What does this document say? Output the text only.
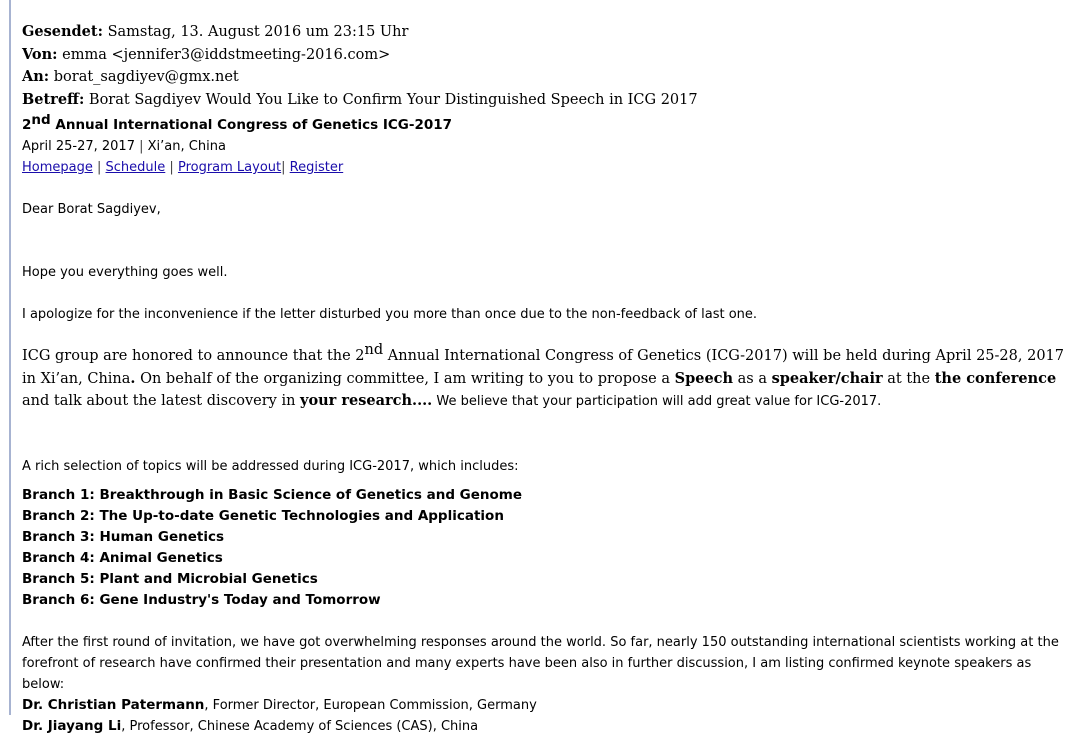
Gesendet: Samstag, 13. August 2016 um 23:15 Uhr
Von: emma <jennifer3@iddstmeeting-2016.com>
An: borat_sagdiyev@gmx.net
Betreff: Borat Sagdiyev Would You Like to Confirm Your Distinguished Speech in ICG 2017
2nd Annual International Congress of Genetics ICG-2017
April 25-27, 2017 | Xi’an, China
Homepage | Schedule | Program Layout| Register
Dear Borat Sagdiyev,
Hope you everything goes well.
I apologize for the inconvenience if the letter disturbed you more than once due to the non-feedback of last one.
ICG group are honored to announce that the 2nd Annual International Congress of Genetics (ICG-2017) will be held during April 25-28, 2017 in Xi’an, China. On behalf of the organizing committee, I am writing to you to propose a Speech as a speaker/chair at the the conference and talk about the latest discovery in your research.... We believe that your participation will add great value for ICG-2017.
A rich selection of topics will be addressed during ICG-2017, which includes:
Branch 1: Breakthrough in Basic Science of Genetics and Genome
Branch 2: The Up-to-date Genetic Technologies and Application
Branch 3: Human Genetics
Branch 4: Animal Genetics
Branch 5: Plant and Microbial Genetics
Branch 6: Gene Industry's Today and Tomorrow
After the first round of invitation, we have got overwhelming responses around the world. So far, nearly 150 outstanding international scientists working at the forefront of research have confirmed their presentation and many experts have been also in further discussion, I am listing confirmed keynote speakers as below:
Dr. Christian Patermann, Former Director, European Commission, Germany
Dr. Jiayang Li, Professor, Chinese Academy of Sciences (CAS), China
